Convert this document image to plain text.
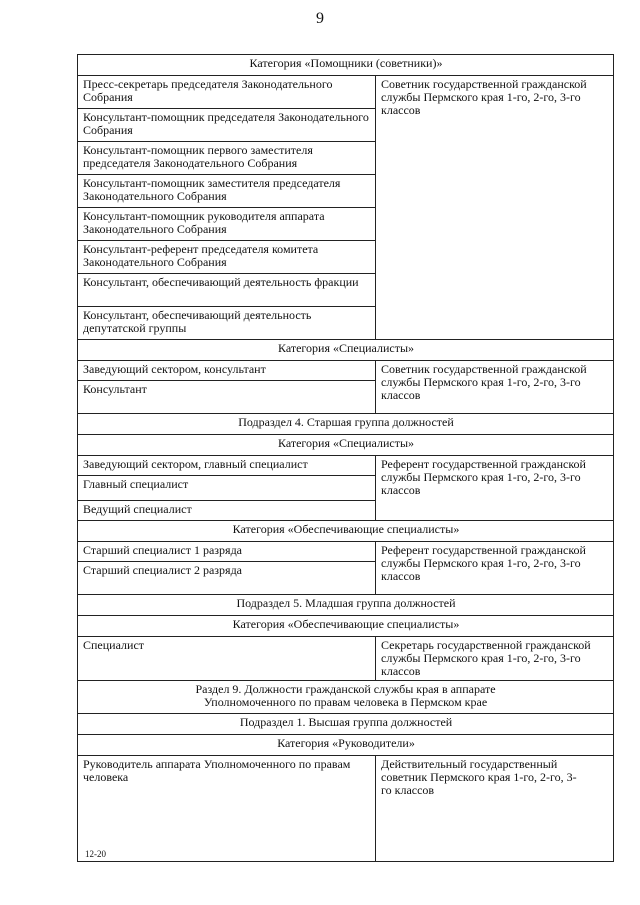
9
Категория «Помощники (советники)»	
Пресс-секретарь председателя Законодательного Собрания	Советник государственной гражданской службы Пермского края 1-го, 2-го, 3-го классов
Консультант-помощник председателя Законодательного Собрания	
Консультант-помощник первого заместителя председателя Законодательного Собрания	
Консультант-помощник заместителя председателя Законодательного Собрания	
Консультант-помощник руководителя аппарата Законодательного Собрания	
Консультант-референт председателя комитета Законодательного Собрания	
Консультант, обеспечивающий деятельность фракции	
Консультант, обеспечивающий деятельность депутатской группы	
Категория «Специалисты»	
Заведующий сектором, консультант	Советник государственной гражданской службы Пермского края 1-го, 2-го, 3-го классов
Консультант	
Подраздел 4. Старшая группа должностей	
Категория «Специалисты»	
Заведующий сектором, главный специалист	Референт государственной гражданской службы Пермского края 1-го, 2-го, 3-го классов
Главный специалист	
Ведущий специалист	
Категория «Обеспечивающие специалисты»	
Старший специалист 1 разряда	Референт государственной гражданской службы Пермского края 1-го, 2-го, 3-го классов
Старший специалист 2 разряда	
Подраздел 5. Младшая группа должностей	
Категория «Обеспечивающие специалисты»	
Специалист	Секретарь государственной гражданской службы Пермского края 1-го, 2-го, 3-го классов
Раздел 9. Должности гражданской службы края в аппарате Уполномоченного по правам человека в Пермском крае	
Подраздел 1. Высшая группа должностей	
Категория «Руководители»	
Руководитель аппарата Уполномоченного по правам человека	Действительный государственный советник Пермского края 1-го, 2-го, 3-го классов
12-20
